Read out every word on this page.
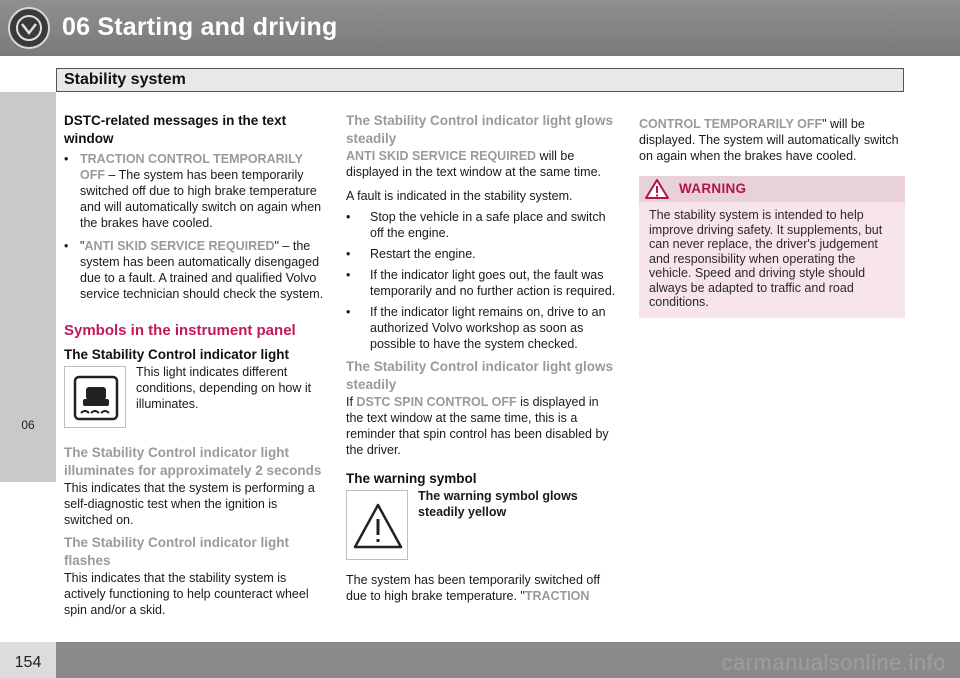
06 Starting and driving
Stability system
06
DSTC-related messages in the text window
• TRACTION CONTROL TEMPORARILY OFF – The system has been temporarily switched off due to high brake temperature and will automatically switch on again when the brakes have cooled.
• "ANTI SKID SERVICE REQUIRED" – the system has been automatically disengaged due to a fault. A trained and qualified Volvo service technician should check the system.
Symbols in the instrument panel
The Stability Control indicator light

This light indicates different conditions, depending on how it illuminates.

The Stability Control indicator light illuminates for approximately 2 seconds

This indicates that the system is performing a self-diagnostic test when the ignition is switched on.

The Stability Control indicator light flashes

This indicates that the stability system is actively functioning to help counteract wheel spin and/or a skid.

The Stability Control indicator light glows steadily

ANTI SKID SERVICE REQUIRED will be displayed in the text window at the same time.

A fault is indicated in the stability system.

• Stop the vehicle in a safe place and switch off the engine.
• Restart the engine.
• If the indicator light goes out, the fault was temporarily and no further action is required.
• If the indicator light remains on, drive to an authorized Volvo workshop as soon as possible to have the system checked.
The Stability Control indicator light glows steadily

If DSTC SPIN CONTROL OFF is displayed in the text window at the same time, this is a reminder that spin control has been disabled by the driver.

The warning symbol

The warning symbol glows steadily yellow

The system has been temporarily switched off due to high brake temperature. "TRACTION

CONTROL TEMPORARILY OFF" will be displayed. The system will automatically switch on again when the brakes have cooled.

WARNING
The stability system is intended to help improve driving safety. It supplements, but can never replace, the driver's judgement and responsibility when operating the vehicle. Speed and driving style should always be adapted to traffic and road conditions.
154	carmanualsonline.info
